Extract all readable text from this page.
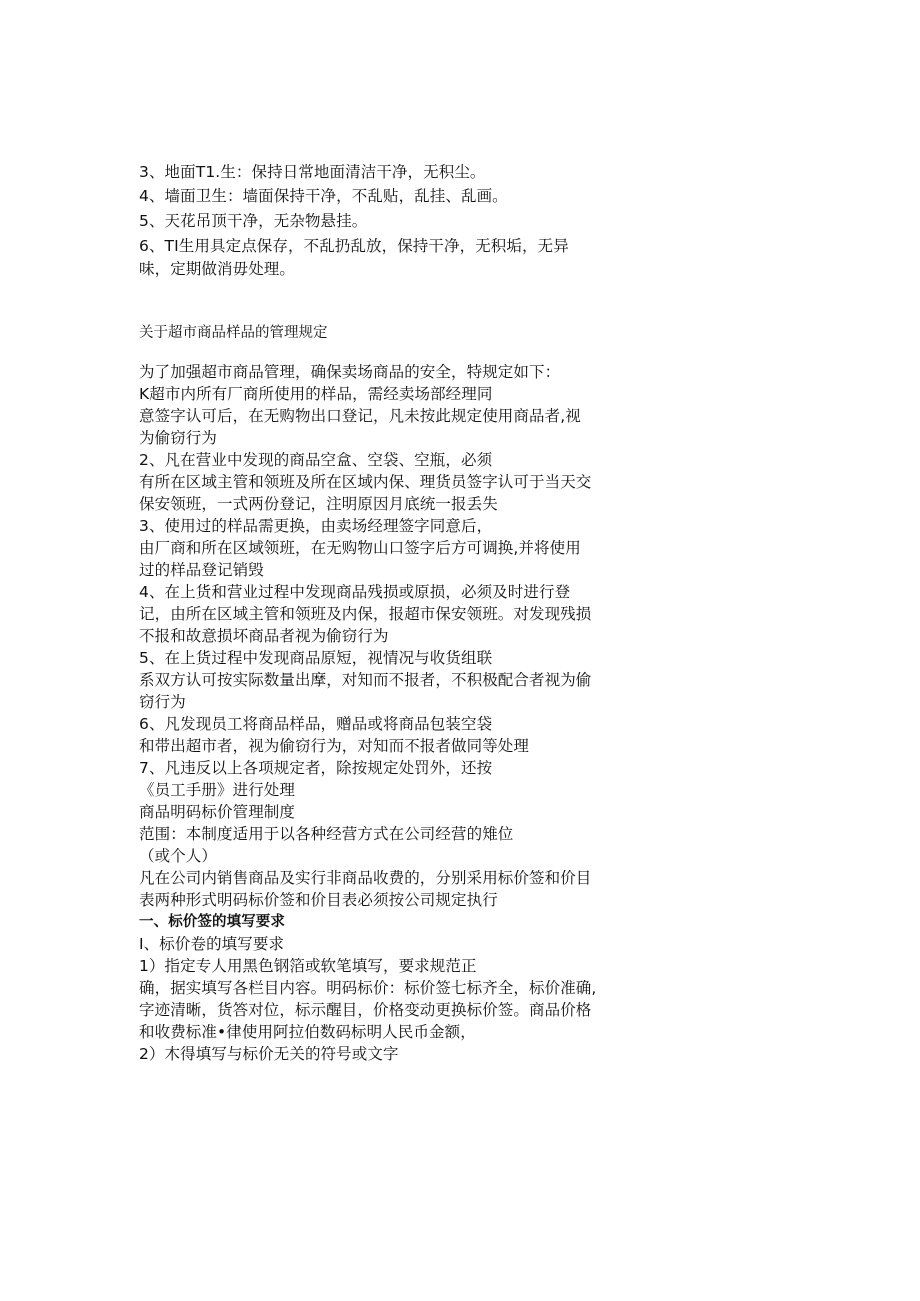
3、地面T1.生：保持日常地面清洁干净，无积尘。
4、墙面卫生：墙面保持干净，不乱贴，乱挂、乱画。
5、天花吊顶干净，无杂物悬挂。
6、TI生用具定点保存，不乱扔乱放，保持干净，无积垢，无异
味，定期做消毋处理。
关于超市商品样品的管理规定
为了加强超市商品管理，确保卖场商品的安全，特规定如下：
K超市内所有厂商所使用的样品，需经卖场部经理同
意签字认可后，在无购物出口登记，凡未按此规定使用商品者,视
为偷窃行为
2、凡在营业中发现的商品空盒、空袋、空瓶，必须
有所在区域主管和领班及所在区域内保、理货员签字认可于当天交
保安领班，一式两份登记，注明原因月底统一报丢失
3、使用过的样品需更换，由卖场经理签字同意后，
由厂商和所在区域领班，在无购物山口签字后方可调换,并将使用
过的样品登记销毁
4、在上货和营业过程中发现商品残损或原损，必须及时进行登
记，由所在区域主管和领班及内保，报超市保安领班。对发现残损
不报和故意损坏商品者视为偷窃行为
5、在上货过程中发现商品原短，视情况与收货组联
系双方认可按实际数量出摩，对知而不报者，不积极配合者视为偷
窃行为
6、凡发现员工将商品样品，赠品或将商品包装空袋
和带出超市者，视为偷窃行为，对知而不报者做同等处理
7、凡违反以上各项规定者，除按规定处罚外，还按
《员工手册》进行处理
商品明码标价管理制度
范围：本制度适用于以各种经营方式在公司经营的雉位
（或个人）
凡在公司内销售商品及实行非商品收费的，分别采用标价签和价目
表两种形式明码标价签和价目表必须按公司规定执行
一、标价签的填写要求
I、标价卷的填写要求
1）指定专人用黑色钢箔或软笔填写，要求规范正
确，据实填写各栏目内容。明码标价：标价签七标齐全，标价准确,
字迹清晰，货答对位，标示醒目，价格变动更换标价签。商品价格
和收费标准•律使用阿拉伯数码标明人民币金额，
2）木得填写与标价无关的符号或文字
